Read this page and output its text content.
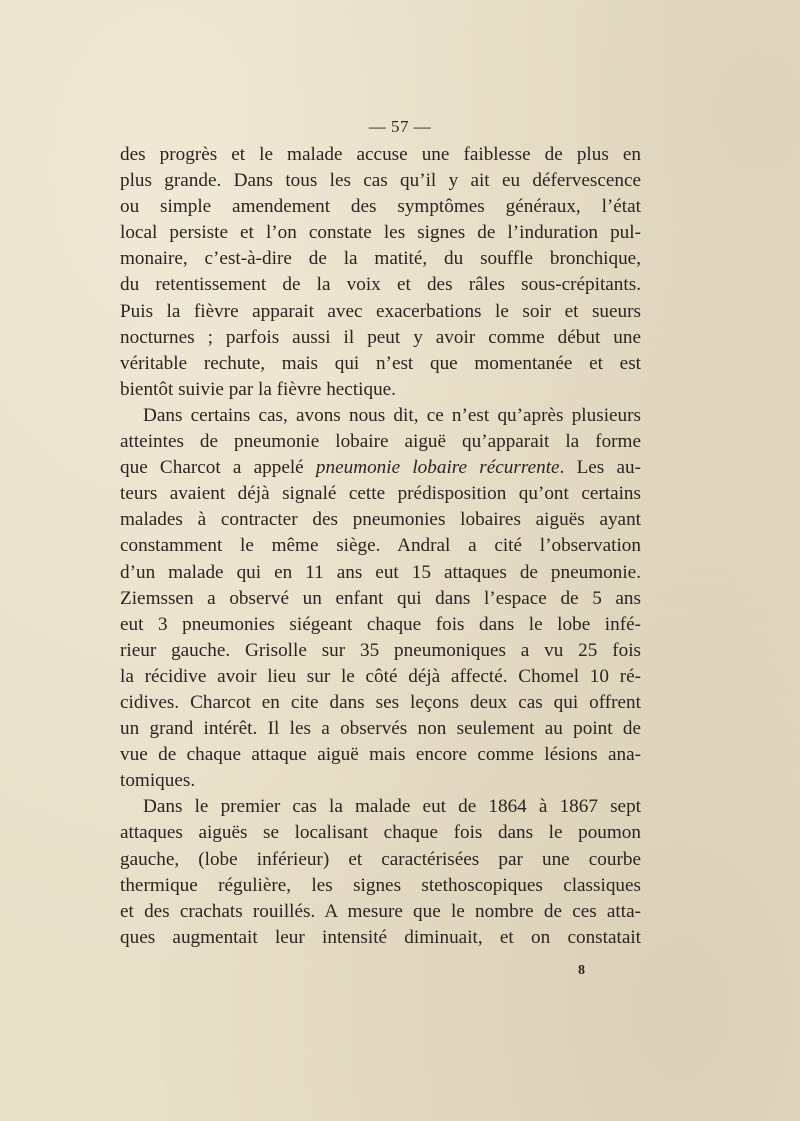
— 57 —
des progrès et le malade accuse une faiblesse de plus en
plus grande. Dans tous les cas qu’il y ait eu défervescence
ou simple amendement des symptômes généraux, l’état
local persiste et l’on constate les signes de l’induration pul-
monaire, c’est-à-dire de la matité, du souffle bronchique,
du retentissement de la voix et des râles sous-crépitants.
Puis la fièvre apparait avec exacerbations le soir et sueurs
nocturnes ; parfois aussi il peut y avoir comme début une
véritable rechute, mais qui n’est que momentanée et est
bientôt suivie par la fièvre hectique.
Dans certains cas, avons nous dit, ce n’est qu’après plusieurs
atteintes de pneumonie lobaire aiguë qu’apparait la forme
que Charcot a appelé pneumonie lobaire récurrente. Les au-
teurs avaient déjà signalé cette prédisposition qu’ont certains
malades à contracter des pneumonies lobaires aiguës ayant
constamment le même siège. Andral a cité l’observation
d’un malade qui en 11 ans eut 15 attaques de pneumonie.
Ziemssen a observé un enfant qui dans l’espace de 5 ans
eut 3 pneumonies siégeant chaque fois dans le lobe infé-
rieur gauche. Grisolle sur 35 pneumoniques a vu 25 fois
la récidive avoir lieu sur le côté déjà affecté. Chomel 10 ré-
cidives. Charcot en cite dans ses leçons deux cas qui offrent
un grand intérêt. Il les a observés non seulement au point de
vue de chaque attaque aiguë mais encore comme lésions ana-
tomiques.
Dans le premier cas la malade eut de 1864 à 1867 sept
attaques aiguës se localisant chaque fois dans le poumon
gauche, (lobe inférieur) et caractérisées par une courbe
thermique régulière, les signes stethoscopiques classiques
et des crachats rouillés. A mesure que le nombre de ces atta-
ques augmentait leur intensité diminuait, et on constatait
8
